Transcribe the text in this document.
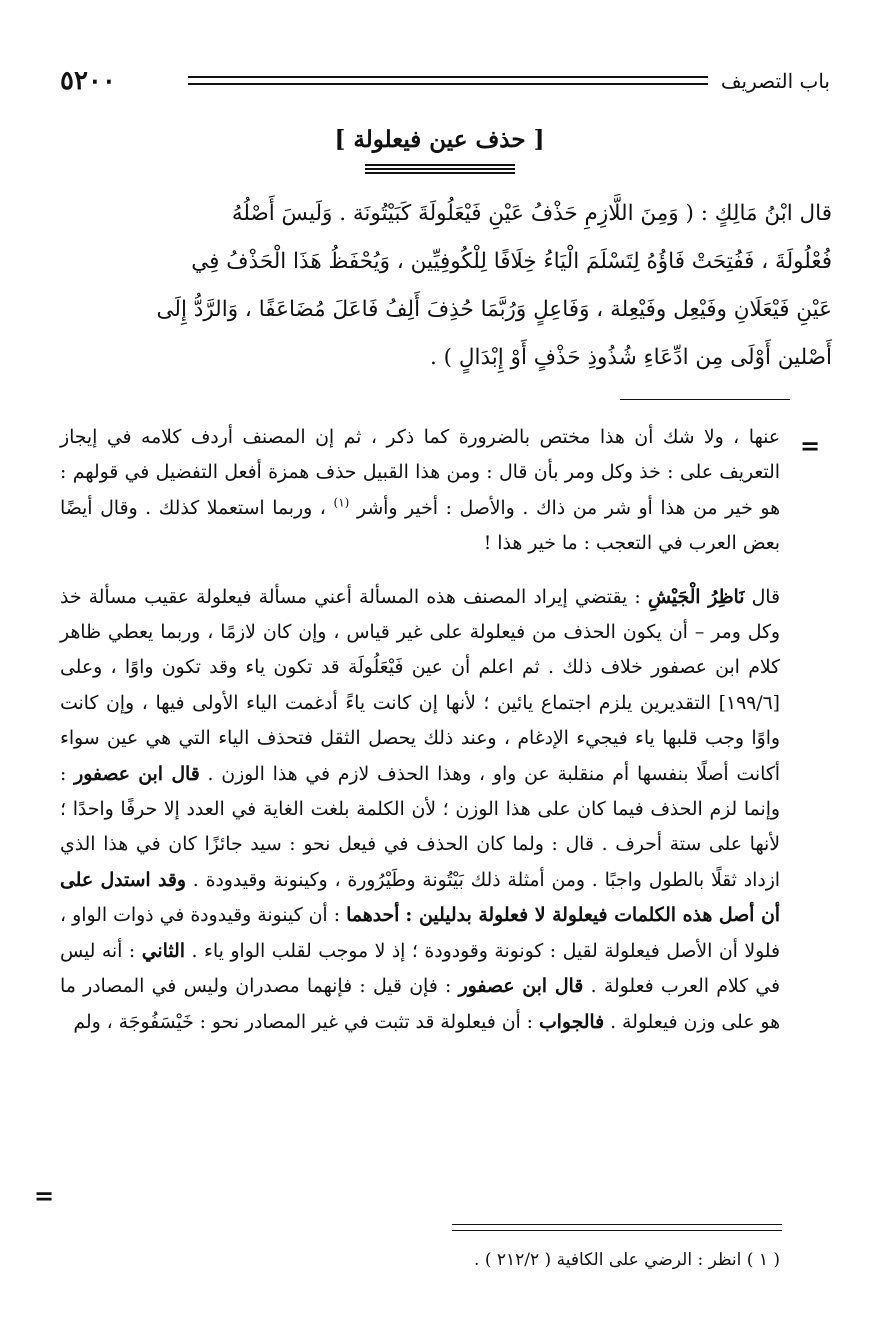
٥٢٠٠	باب التصريف
[ حذف عين فيعلولة ]

قال ابْنُ مَالِكٍ : ( وَمِنَ اللَّازِمِ حَذْفُ عَيْنِ فَيْعَلُولَةَ كَبَيْتُونَة . وَلَيسَ أَصْلُهُ

فُعْلُولَةَ ، فَفُتِحَتْ فَاؤُهُ لِتَسْلَمَ الْيَاءُ خِلَافًا لِلْكُوفِيِّين ، وَيُحْفَظُ هَذَا الْحَذْفُ فِي

عَيْنِ فَيْعَلَانِ وفَيْعِل وفَيْعِلة ، وَفَاعِلٍ وَرُبَّمَا حُذِفَ أَلِفُ فَاعَلَ مُضَاعَفًا ، وَالرَّدُّ إِلَى

أَصْلين أَوْلَى مِن ادِّعَاءِ شُذُوذِ حَذْفٍ أَوْ إِبْدَالٍ ) .

=

عنها ، ولا شك أن هذا مختص بالضرورة كما ذكر ، ثم إن المصنف أردف كلامه في إيجاز التعريف على : خذ وكل ومر بأن قال : ومن هذا القبيل حذف همزة أفعل التفضيل في قولهم : هو خير من هذا أو شر من ذاك . والأصل : أخير وأشر $^{(١)}$ ، وربما استعملا كذلك . وقال أيضًا بعض العرب في التعجب : ما خير هذا !

قال نَاظِرُ الْجَيْشِ : يقتضي إيراد المصنف هذه المسألة أعني مسألة فيعلولة عقيب مسألة خذ وكل ومر – أن يكون الحذف من فيعلولة على غير قياس ، وإن كان لازمًا ، وربما يعطي ظاهر كلام ابن عصفور خلاف ذلك . ثم اعلم أن عين فَيْعَلُولَة قد تكون ياء وقد تكون واوًا ، وعلى [١٩٩/٦] التقديرين يلزم اجتماع يائين ؛ لأنها إن كانت ياءً أدغمت الياء الأولى فيها ، وإن كانت واوًا وجب قلبها ياء فيجيء الإدغام ، وعند ذلك يحصل الثقل فتحذف الياء التي هي عين سواء أكانت أصلًا بنفسها أم منقلبة عن واو ، وهذا الحذف لازم في هذا الوزن . قال ابن عصفور : وإنما لزم الحذف فيما كان على هذا الوزن ؛ لأن الكلمة بلغت الغاية في العدد إلا حرفًا واحدًا ؛ لأنها على ستة أحرف . قال : ولما كان الحذف في فيعل نحو : سيد جائزًا كان في هذا الذي ازداد ثقلًا بالطول واجبًا . ومن أمثلة ذلك بَيْتُونة وطَيْرُورة ، وكينونة وقيدودة . وقد استدل على أن أصل هذه الكلمات فيعلولة لا فعلولة بدليلين : أحدهما : أن كينونة وقيدودة في ذوات الواو ، فلولا أن الأصل فيعلولة لقيل : كونونة وقودودة ؛ إذ لا موجب لقلب الواو ياء . الثاني : أنه ليس في كلام العرب فعلولة . قال ابن عصفور : فإن قيل : فإنهما مصدران وليس في المصادر ما هو على وزن فيعلولة . فالجواب : أن فيعلولة قد تثبت في غير المصادر نحو : خَيْسَفُوجَة ، ولم

=

( ١ ) انظر : الرضي على الكافية ( ٢١٢/٢ ) .
